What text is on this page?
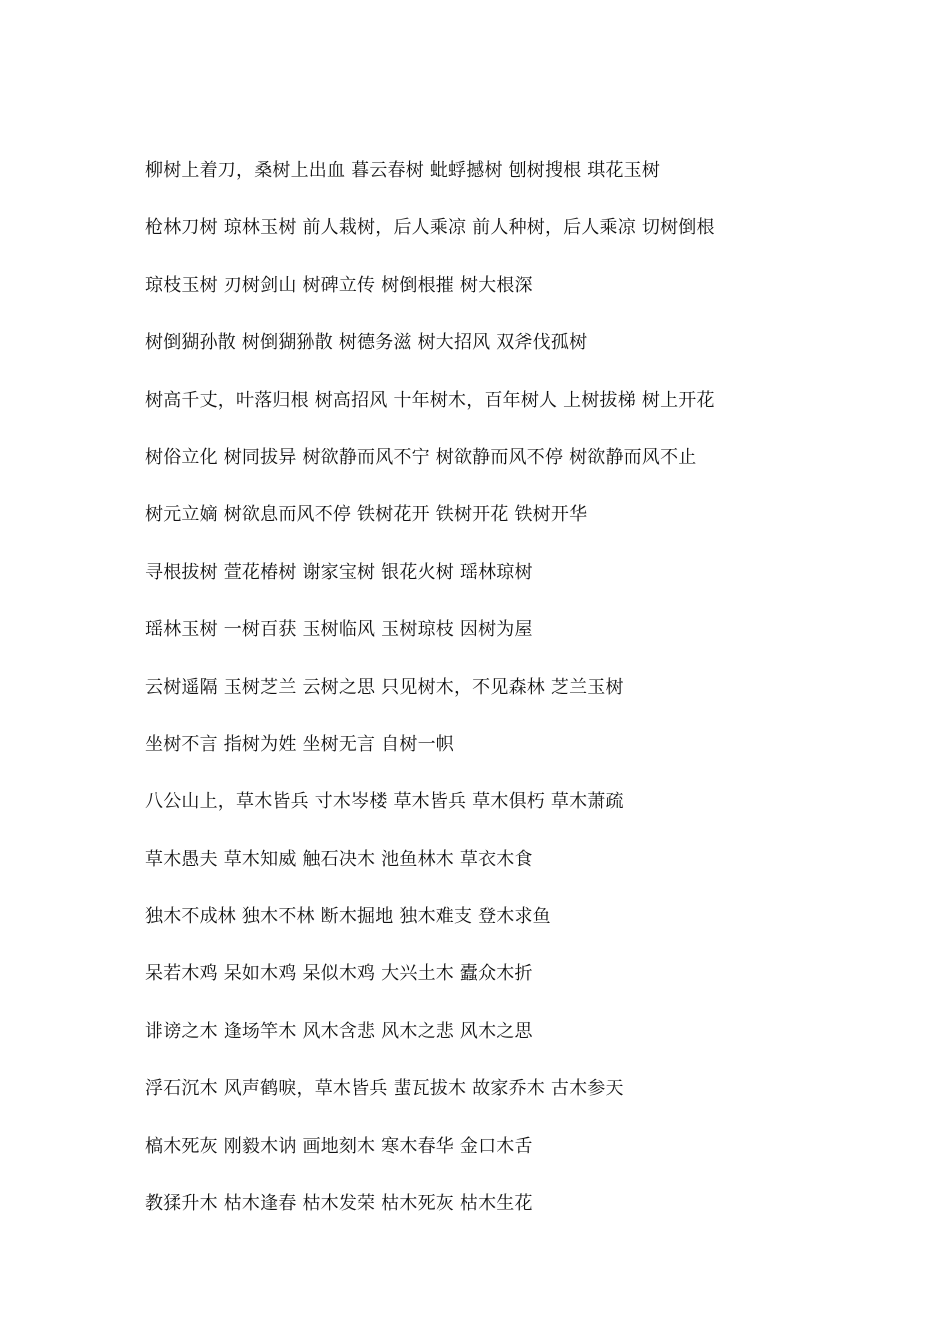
柳树上着刀，桑树上出血 暮云春树 蚍蜉撼树 刨树搜根 琪花玉树
枪林刀树 琼林玉树 前人栽树，后人乘凉 前人种树，后人乘凉 切树倒根
琼枝玉树 刃树剑山 树碑立传 树倒根摧 树大根深
树倒猢孙散 树倒猢狲散 树德务滋 树大招风 双斧伐孤树
树高千丈，叶落归根 树高招风 十年树木，百年树人 上树拔梯 树上开花
树俗立化 树同拔异 树欲静而风不宁 树欲静而风不停 树欲静而风不止
树元立嫡 树欲息而风不停 铁树花开 铁树开花 铁树开华
寻根拔树 萱花椿树 谢家宝树 银花火树 瑶林琼树
瑶林玉树 一树百获 玉树临风 玉树琼枝 因树为屋
云树遥隔 玉树芝兰 云树之思 只见树木，不见森林 芝兰玉树
坐树不言 指树为姓 坐树无言 自树一帜
八公山上，草木皆兵 寸木岑楼 草木皆兵 草木俱朽 草木萧疏
草木愚夫 草木知威 触石决木 池鱼林木 草衣木食
独木不成林 独木不林 断木掘地 独木难支 登木求鱼
呆若木鸡 呆如木鸡 呆似木鸡 大兴土木 蠹众木折
诽谤之木 逢场竿木 风木含悲 风木之悲 风木之思
浮石沉木 风声鹤唳，草木皆兵 蜚瓦拔木 故家乔木 古木参天
槁木死灰 刚毅木讷 画地刻木 寒木春华 金口木舌
教猱升木 枯木逢春 枯木发荣 枯木死灰 枯木生花
